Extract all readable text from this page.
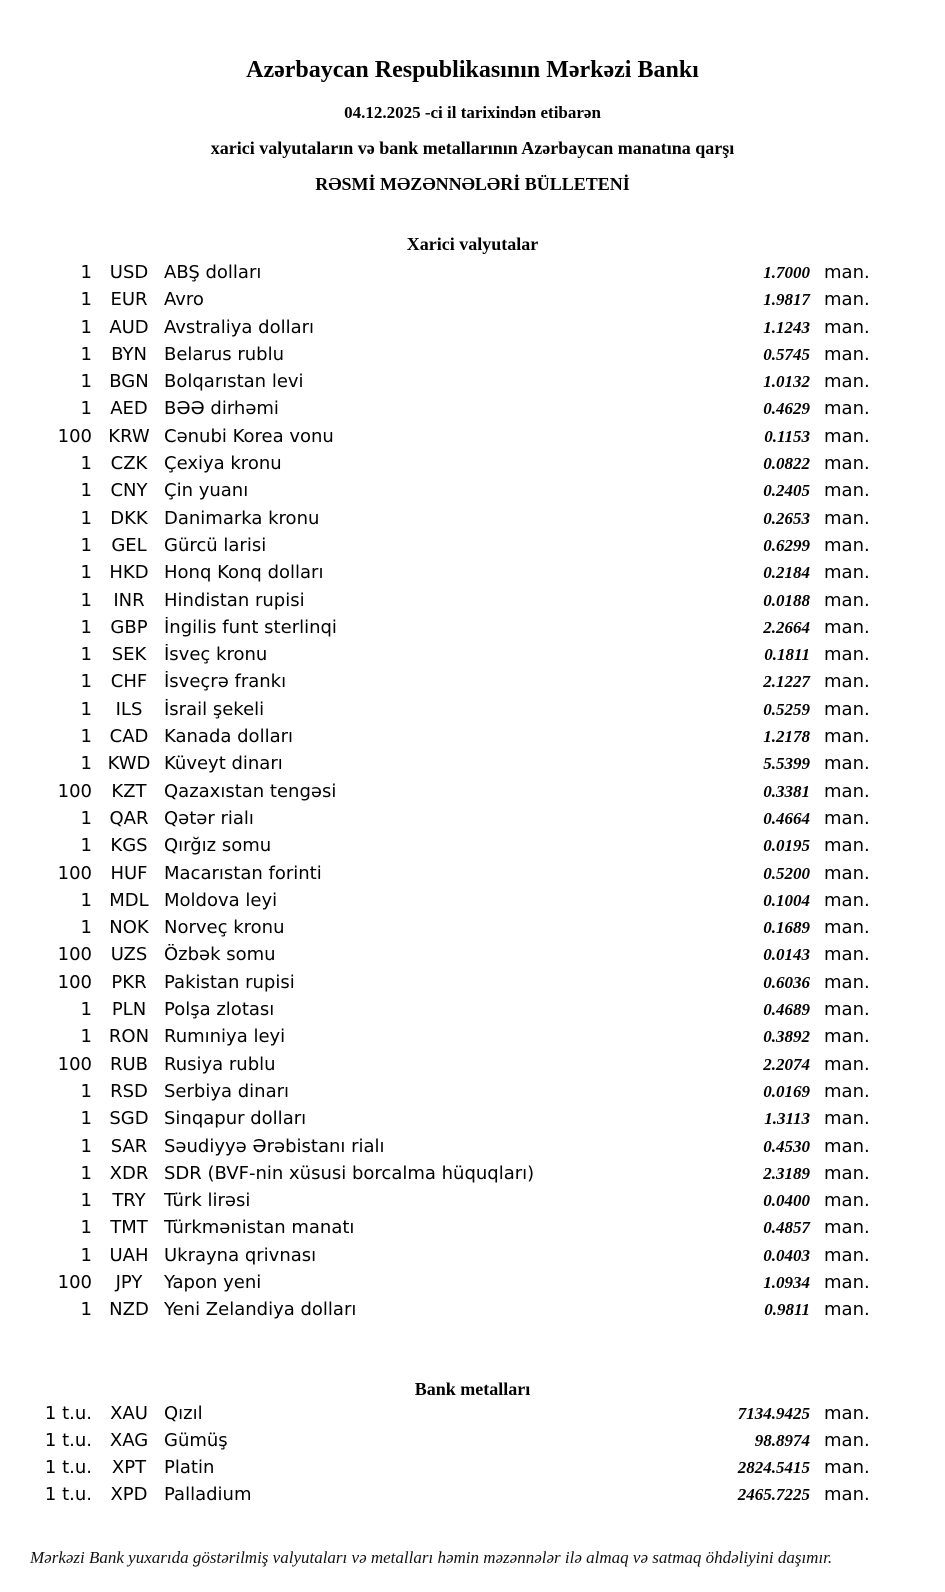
Azərbaycan Respublikasının Mərkəzi Bankı
04.12.2025 -ci il tarixindən etibarən
xarici valyutaların və bank metallarının Azərbaycan manatına qarşı
RƏSMİ MƏZƏNNƏLƏRİ BÜLLETENİ
Xarici valyutalar
1 USD ABŞ dolları	1.7000 man.
1	EUR Avro	1.9817 man.
1 AUD Avstraliya dolları	1.1243 man.
1	BYN Belarus rublu	0.5745 man.
1 BGN Bolqarıstan levi	1.0132 man.
1	AED BƏƏ dirhəmi	0.4629 man.
100 KRW Cənubi Korea vonu	0.1153 man.
1	CZK Çexiya kronu	0.0822 man.
1	CNY Çin yuanı	0.2405 man.
1	DKK Danimarka kronu	0.2653 man.
1	GEL Gürcü larisi	0.6299 man.
1 HKD Honq Konq dolları	0.2184 man.
1	INR	Hindistan rupisi	0.0188 man.
1	GBP İngilis funt sterlinqi	2.2664 man.
1	SEK İsveç kronu	0.1811 man.
1	CHF İsveçrə frankı	2.1227 man.
1	ILS	İsrail şekeli	0.5259 man.
1 CAD Kanada dolları	1.2178 man.
1 KWD Küveyt dinarı	5.5399 man.
100	KZT Qazaxıstan tengəsi	0.3381 man.
1 QAR Qətər rialı	0.4664 man.
1	KGS Qırğız somu	0.0195 man.
100	HUF Macarıstan forinti	0.5200 man.
1 MDL Moldova leyi	0.1004 man.
1 NOK Norveç kronu	0.1689 man.
100	UZS Özbək somu	0.0143 man.
100	PKR Pakistan rupisi	0.6036 man.
1	PLN Polşa zlotası	0.4689 man.
1 RON Rumıniya leyi	0.3892 man.
100 RUB Rusiya rublu	2.2074 man.
1	RSD Serbiya dinarı	0.0169 man.
1 SGD Sinqapur dolları	1.3113 man.
1	SAR Səudiyyə Ərəbistanı rialı	0.4530 man.
1 XDR SDR (BVF-nin xüsusi borcalma hüquqları)	2.3189 man.
1	TRY	Türk lirəsi	0.0400 man.
1	TMT Türkmənistan manatı	0.4857 man.
1 UAH Ukrayna qrivnası	0.0403 man.
100	JPY	Yapon yeni	1.0934 man.
1 NZD Yeni Zelandiya dolları	0.9811 man.
Bank metalları
1 t.u.	XAU Qızıl	7134.9425 man.
1 t.u. XAG Gümüş	98.8974 man.
1 t.u.	XPT Platin	2824.5415 man.
1 t.u.	XPD Palladium	2465.7225 man.
Mərkəzi Bank yuxarıda göstərilmiş valyutaları və metalları həmin məzənnələr ilə almaq və satmaq öhdəliyini daşımır.
